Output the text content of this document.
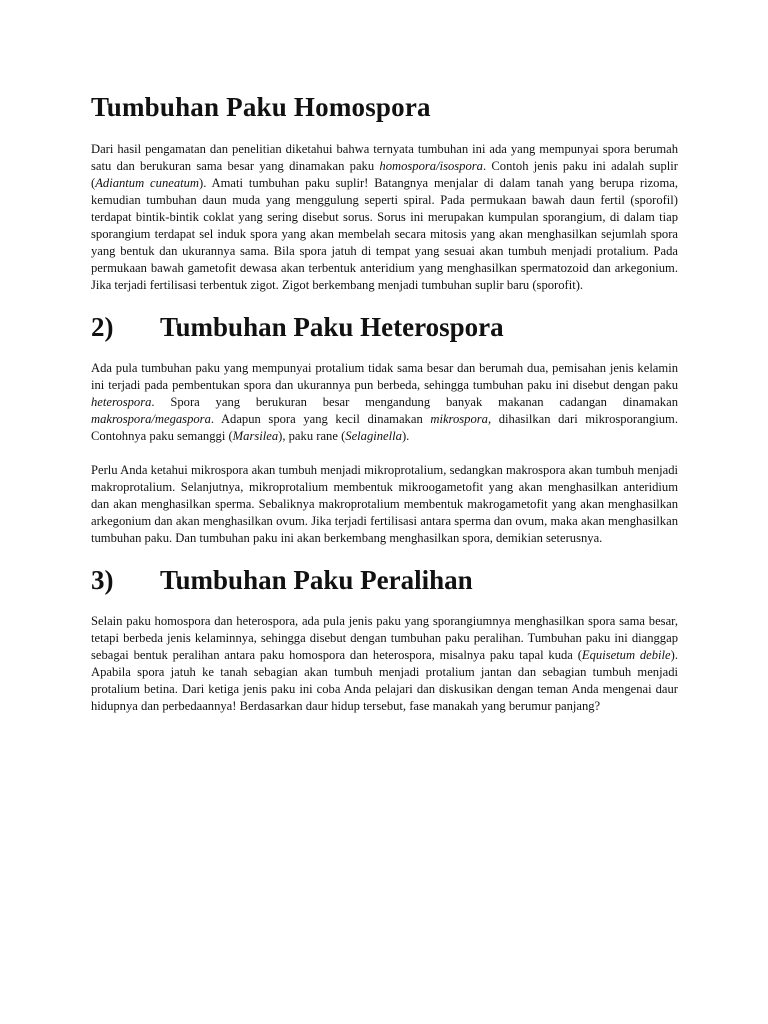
Tumbuhan Paku Homospora

Dari hasil pengamatan dan penelitian diketahui bahwa ternyata tumbuhan ini ada yang mempunyai spora berumah satu dan berukuran sama besar yang dinamakan paku homospora/isospora. Contoh jenis paku ini adalah suplir (Adiantum cuneatum). Amati tumbuhan paku suplir! Batangnya menjalar di dalam tanah yang berupa rizoma, kemudian tumbuhan daun muda yang menggulung seperti spiral. Pada permukaan bawah daun fertil (sporofil) terdapat bintik-bintik coklat yang sering disebut sorus. Sorus ini merupakan kumpulan sporangium, di dalam tiap sporangium terdapat sel induk spora yang akan membelah secara mitosis yang akan menghasilkan sejumlah spora yang bentuk dan ukurannya sama. Bila spora jatuh di tempat yang sesuai akan tumbuh menjadi protalium. Pada permukaan bawah gametofit dewasa akan terbentuk anteridium yang menghasilkan spermatozoid dan arkegonium. Jika terjadi fertilisasi terbentuk zigot. Zigot berkembang menjadi tumbuhan suplir baru (sporofit).

2)	Tumbuhan Paku Heterospora

Ada pula tumbuhan paku yang mempunyai protalium tidak sama besar dan berumah dua, pemisahan jenis kelamin ini terjadi pada pembentukan spora dan ukurannya pun berbeda, sehingga tumbuhan paku ini disebut dengan paku heterospora. Spora yang berukuran besar mengandung banyak makanan cadangan dinamakan makrospora/megaspora. Adapun spora yang kecil dinamakan mikrospora, dihasilkan dari mikrosporangium. Contohnya paku semanggi (Marsilea), paku rane (Selaginella).

Perlu Anda ketahui mikrospora akan tumbuh menjadi mikroprotalium, sedangkan makrospora akan tumbuh menjadi makroprotalium. Selanjutnya, mikroprotalium membentuk mikroogametofit yang akan menghasilkan anteridium dan akan menghasilkan sperma. Sebaliknya makroprotalium membentuk makrogametofit yang akan menghasilkan arkegonium dan akan menghasilkan ovum. Jika terjadi fertilisasi antara sperma dan ovum, maka akan menghasilkan tumbuhan paku. Dan tumbuhan paku ini akan berkembang menghasilkan spora, demikian seterusnya.

3)	Tumbuhan Paku Peralihan

Selain paku homospora dan heterospora, ada pula jenis paku yang sporangiumnya menghasilkan spora sama besar, tetapi berbeda jenis kelaminnya, sehingga disebut dengan tumbuhan paku peralihan. Tumbuhan paku ini dianggap sebagai bentuk peralihan antara paku homospora dan heterospora, misalnya paku tapal kuda (Equisetum debile). Apabila spora jatuh ke tanah sebagian akan tumbuh menjadi protalium jantan dan sebagian tumbuh menjadi protalium betina. Dari ketiga jenis paku ini coba Anda pelajari dan diskusikan dengan teman Anda mengenai daur hidupnya dan perbedaannya! Berdasarkan daur hidup tersebut, fase manakah yang berumur panjang?
